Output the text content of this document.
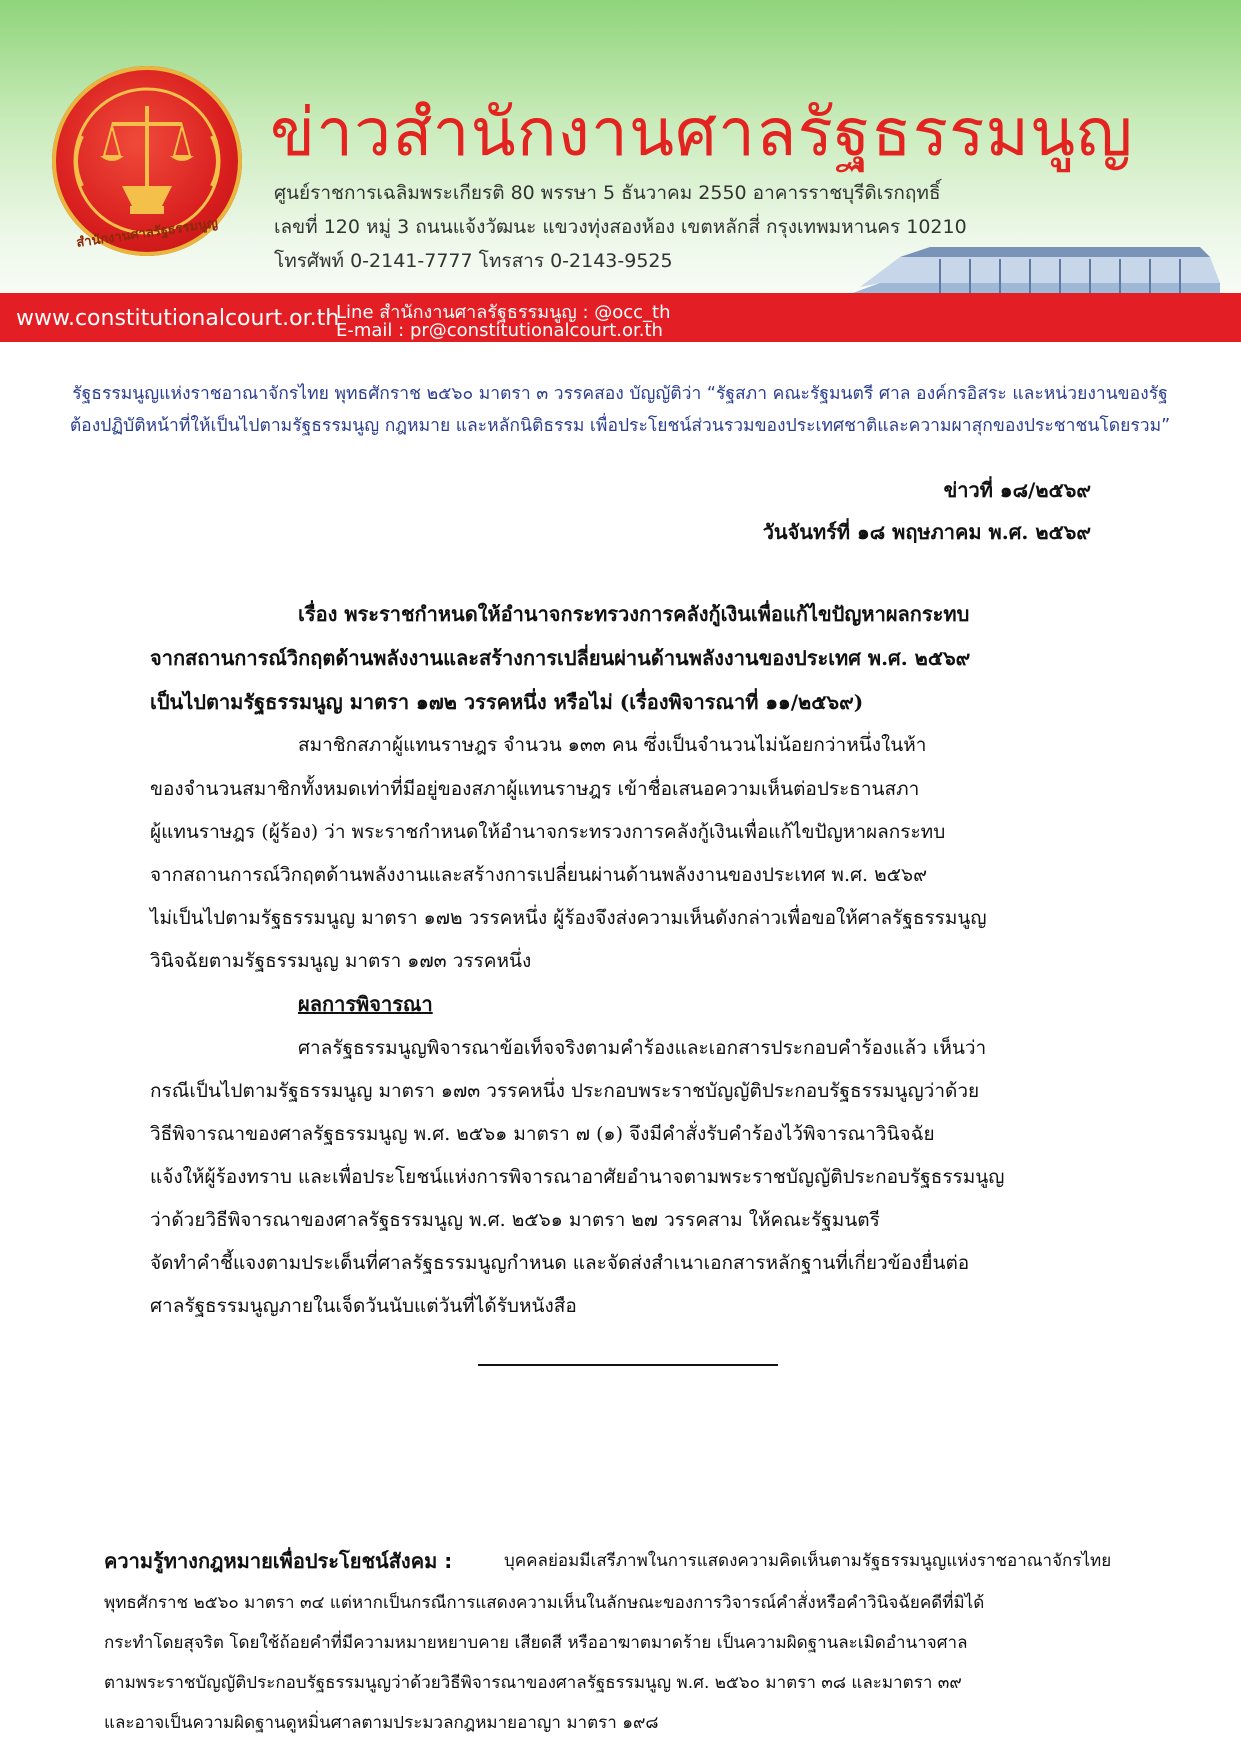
สำนักงานศาลรัฐธรรมนูญ
ข่าวสำนักงานศาลรัฐธรรมนูญ
ศูนย์ราชการเฉลิมพระเกียรติ 80 พรรษา 5 ธันวาคม 2550 อาคารราชบุรีดิเรกฤทธิ์
เลขที่ 120 หมู่ 3 ถนนแจ้งวัฒนะ แขวงทุ่งสองห้อง เขตหลักสี่ กรุงเทพมหานคร 10210
โทรศัพท์ 0-2141-7777 โทรสาร 0-2143-9525
www.constitutionalcourt.or.th
Line สำนักงานศาลรัฐธรรมนูญ : @occ_th
E-mail : pr@constitutionalcourt.or.th
รัฐธรรมนูญแห่งราชอาณาจักรไทย พุทธศักราช ๒๕๖๐ มาตรา ๓ วรรคสอง บัญญัติว่า “รัฐสภา คณะรัฐมนตรี ศาล องค์กรอิสระ และหน่วยงานของรัฐ
ต้องปฏิบัติหน้าที่ให้เป็นไปตามรัฐธรรมนูญ กฎหมาย และหลักนิติธรรม เพื่อประโยชน์ส่วนรวมของประเทศชาติและความผาสุกของประชาชนโดยรวม”
ข่าวที่ ๑๘/๒๕๖๙
วันจันทร์ที่ ๑๘ พฤษภาคม พ.ศ. ๒๕๖๙
เรื่อง พระราชกำหนดให้อำนาจกระทรวงการคลังกู้เงินเพื่อแก้ไขปัญหาผลกระทบ
จากสถานการณ์วิกฤตด้านพลังงานและสร้างการเปลี่ยนผ่านด้านพลังงานของประเทศ พ.ศ. ๒๕๖๙
เป็นไปตามรัฐธรรมนูญ มาตรา ๑๗๒ วรรคหนึ่ง หรือไม่ (เรื่องพิจารณาที่ ๑๑/๒๕๖๙)
สมาชิกสภาผู้แทนราษฎร จำนวน ๑๓๓ คน ซึ่งเป็นจำนวนไม่น้อยกว่าหนึ่งในห้า
ของจำนวนสมาชิกทั้งหมดเท่าที่มีอยู่ของสภาผู้แทนราษฎร เข้าชื่อเสนอความเห็นต่อประธานสภา
ผู้แทนราษฎร (ผู้ร้อง) ว่า พระราชกำหนดให้อำนาจกระทรวงการคลังกู้เงินเพื่อแก้ไขปัญหาผลกระทบ
จากสถานการณ์วิกฤตด้านพลังงานและสร้างการเปลี่ยนผ่านด้านพลังงานของประเทศ พ.ศ. ๒๕๖๙
ไม่เป็นไปตามรัฐธรรมนูญ มาตรา ๑๗๒ วรรคหนึ่ง ผู้ร้องจึงส่งความเห็นดังกล่าวเพื่อขอให้ศาลรัฐธรรมนูญ
วินิจฉัยตามรัฐธรรมนูญ มาตรา ๑๗๓ วรรคหนึ่ง
ผลการพิจารณา
ศาลรัฐธรรมนูญพิจารณาข้อเท็จจริงตามคำร้องและเอกสารประกอบคำร้องแล้ว เห็นว่า
กรณีเป็นไปตามรัฐธรรมนูญ มาตรา ๑๗๓ วรรคหนึ่ง ประกอบพระราชบัญญัติประกอบรัฐธรรมนูญว่าด้วย
วิธีพิจารณาของศาลรัฐธรรมนูญ พ.ศ. ๒๕๖๑ มาตรา ๗ (๑) จึงมีคำสั่งรับคำร้องไว้พิจารณาวินิจฉัย
แจ้งให้ผู้ร้องทราบ และเพื่อประโยชน์แห่งการพิจารณาอาศัยอำนาจตามพระราชบัญญัติประกอบรัฐธรรมนูญ
ว่าด้วยวิธีพิจารณาของศาลรัฐธรรมนูญ พ.ศ. ๒๕๖๑ มาตรา ๒๗ วรรคสาม ให้คณะรัฐมนตรี
จัดทำคำชี้แจงตามประเด็นที่ศาลรัฐธรรมนูญกำหนด และจัดส่งสำเนาเอกสารหลักฐานที่เกี่ยวข้องยื่นต่อ
ศาลรัฐธรรมนูญภายในเจ็ดวันนับแต่วันที่ได้รับหนังสือ
ความรู้ทางกฎหมายเพื่อประโยชน์สังคม :	บุคคลย่อมมีเสรีภาพในการแสดงความคิดเห็นตามรัฐธรรมนูญแห่งราชอาณาจักรไทย
พุทธศักราช ๒๕๖๐ มาตรา ๓๔ แต่หากเป็นกรณีการแสดงความเห็นในลักษณะของการวิจารณ์คำสั่งหรือคำวินิจฉัยคดีที่มิได้
กระทำโดยสุจริต โดยใช้ถ้อยคำที่มีความหมายหยาบคาย เสียดสี หรืออาฆาตมาดร้าย เป็นความผิดฐานละเมิดอำนาจศาล
ตามพระราชบัญญัติประกอบรัฐธรรมนูญว่าด้วยวิธีพิจารณาของศาลรัฐธรรมนูญ พ.ศ. ๒๕๖๐ มาตรา ๓๘ และมาตรา ๓๙
และอาจเป็นความผิดฐานดูหมิ่นศาลตามประมวลกฎหมายอาญา มาตรา ๑๙๘
